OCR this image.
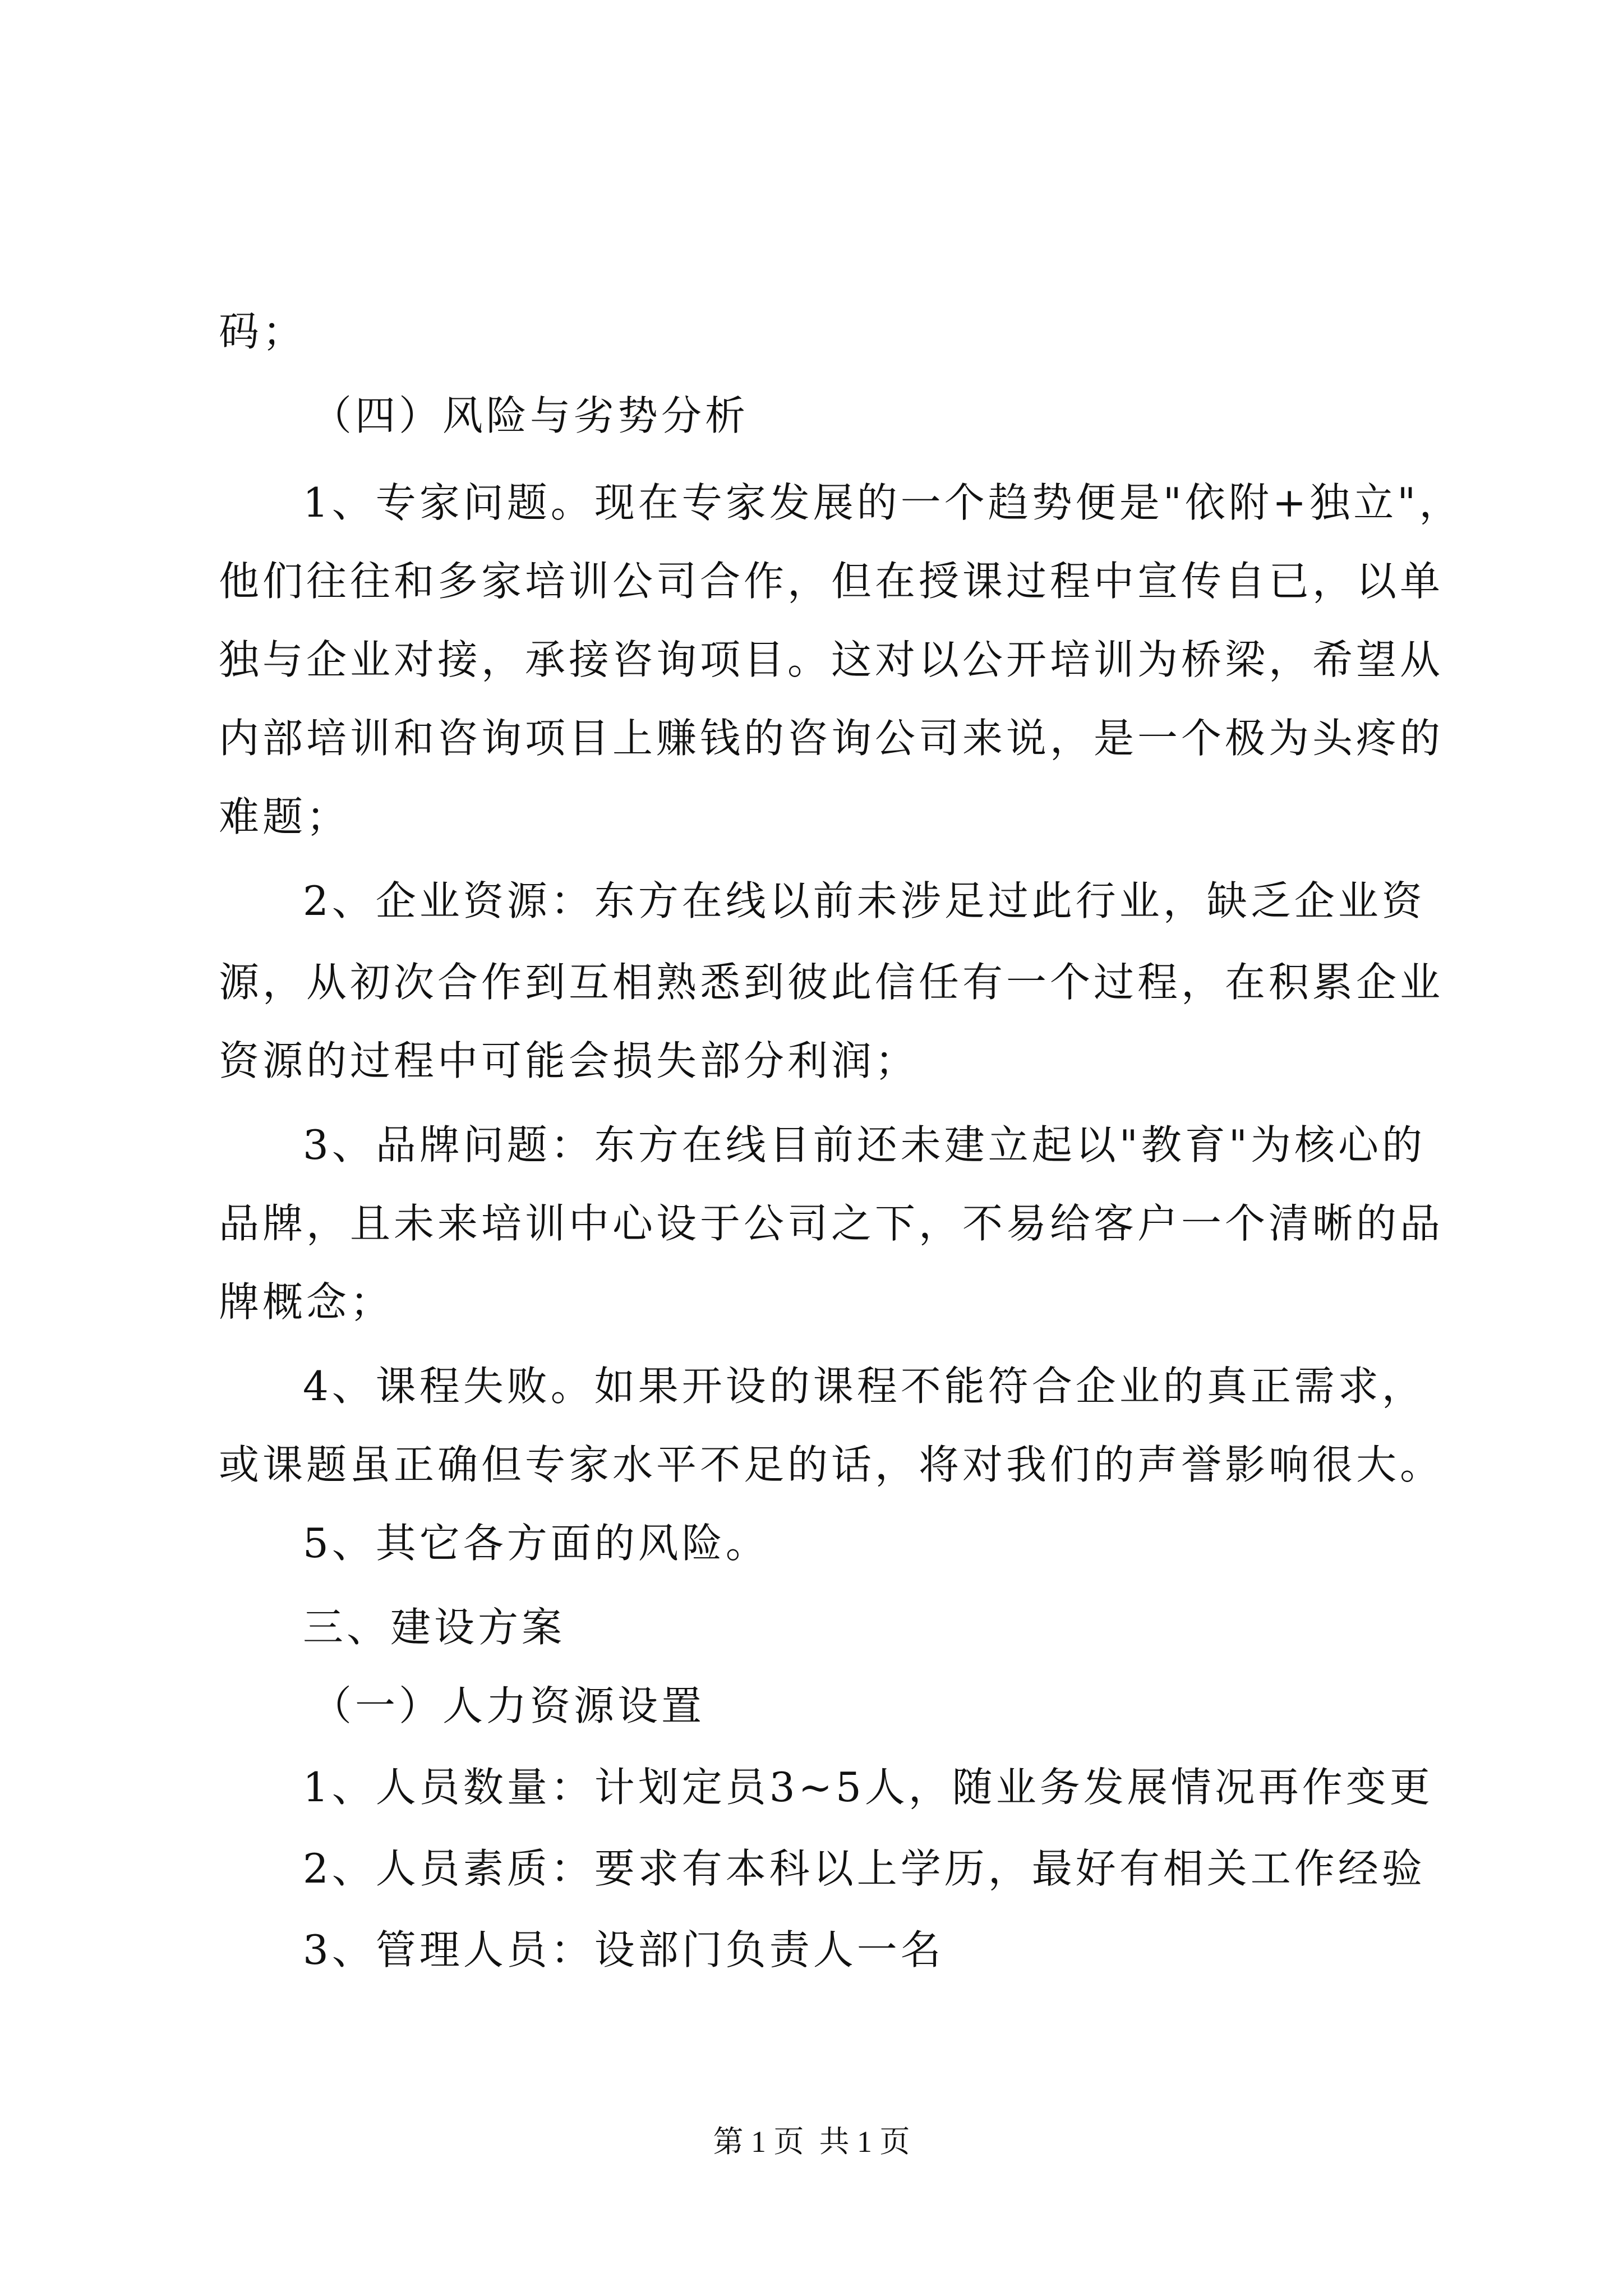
码；
（四）风险与劣势分析
1、专家问题。现在专家发展的一个趋势便是"依附+独立"，
他们往往和多家培训公司合作，但在授课过程中宣传自已，以单
独与企业对接，承接咨询项目。这对以公开培训为桥梁，希望从
内部培训和咨询项目上赚钱的咨询公司来说，是一个极为头疼的
难题；
2、企业资源：东方在线以前未涉足过此行业，缺乏企业资
源，从初次合作到互相熟悉到彼此信任有一个过程，在积累企业
资源的过程中可能会损失部分利润；
3、品牌问题：东方在线目前还未建立起以"教育"为核心的
品牌，且未来培训中心设于公司之下，不易给客户一个清晰的品
牌概念；
4、课程失败。如果开设的课程不能符合企业的真正需求，
或课题虽正确但专家水平不足的话，将对我们的声誉影响很大。
5、其它各方面的风险。
三、建设方案
（一）人力资源设置
1、人员数量：计划定员3~5人，随业务发展情况再作变更
2、人员素质：要求有本科以上学历，最好有相关工作经验
3、管理人员：设部门负责人一名
第 1 页  共 1 页
